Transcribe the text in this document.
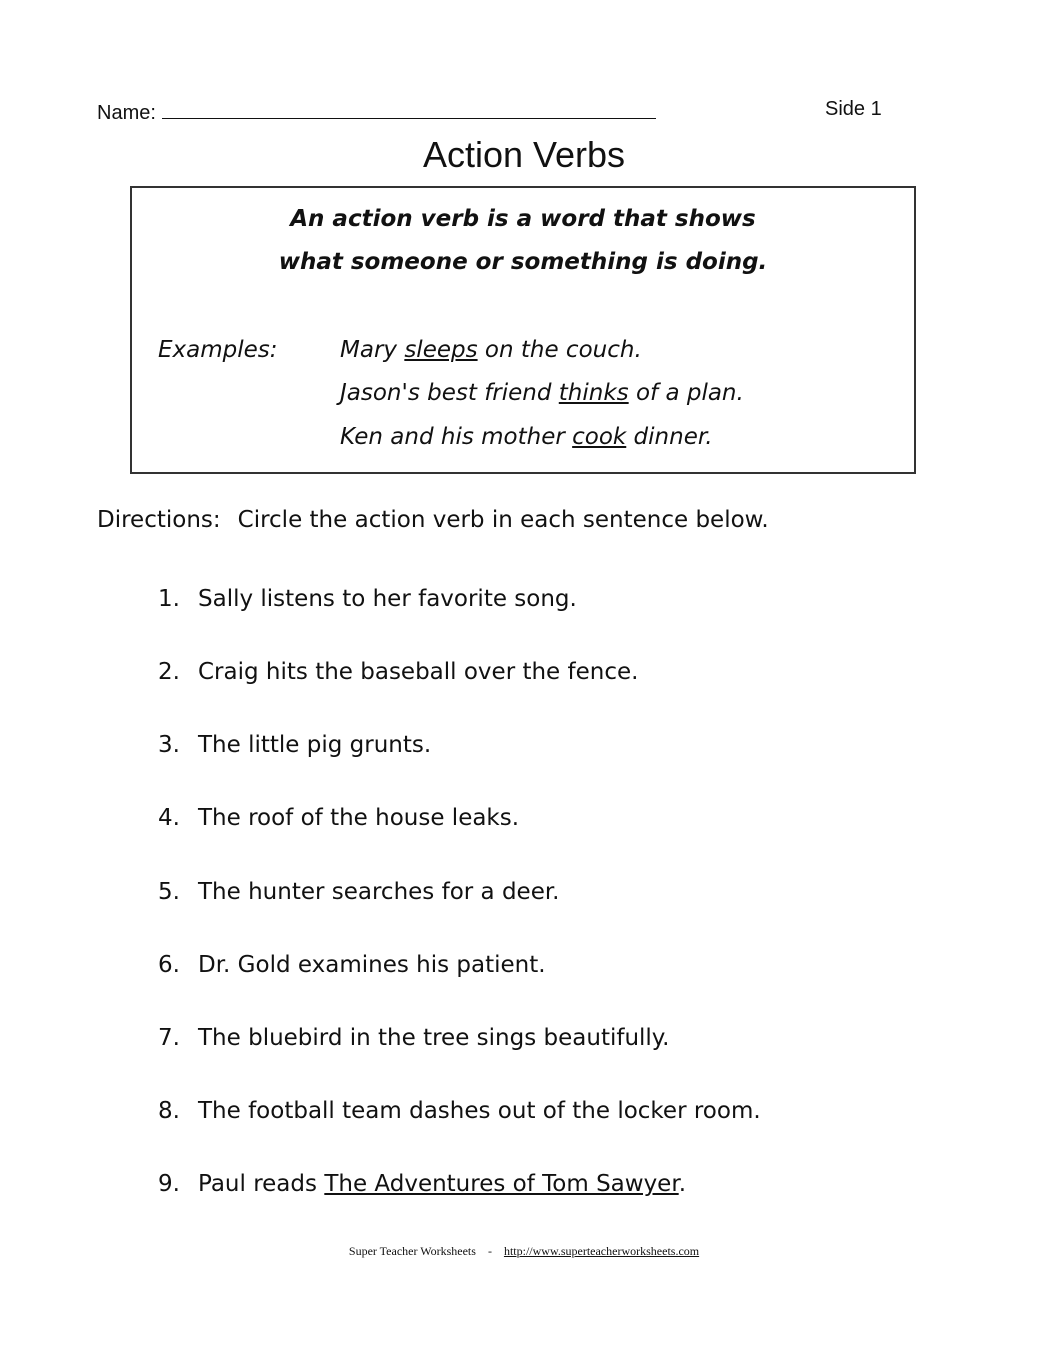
Name:	Side 1
Action Verbs
An action verb is a word that shows
what someone or something is doing.
Examples:	Mary sleeps on the couch.
Jason's best friend thinks of a plan.
Ken and his mother cook dinner.
Directions: Circle the action verb in each sentence below.
1. Sally listens to her favorite song.
2. Craig hits the baseball over the fence.
3. The little pig grunts.
4. The roof of the house leaks.
5. The hunter searches for a deer.
6. Dr. Gold examines his patient.
7. The bluebird in the tree sings beautifully.
8. The football team dashes out of the locker room.
9. Paul reads The Adventures of Tom Sawyer.
Super Teacher Worksheets - http://www.superteacherworksheets.com
